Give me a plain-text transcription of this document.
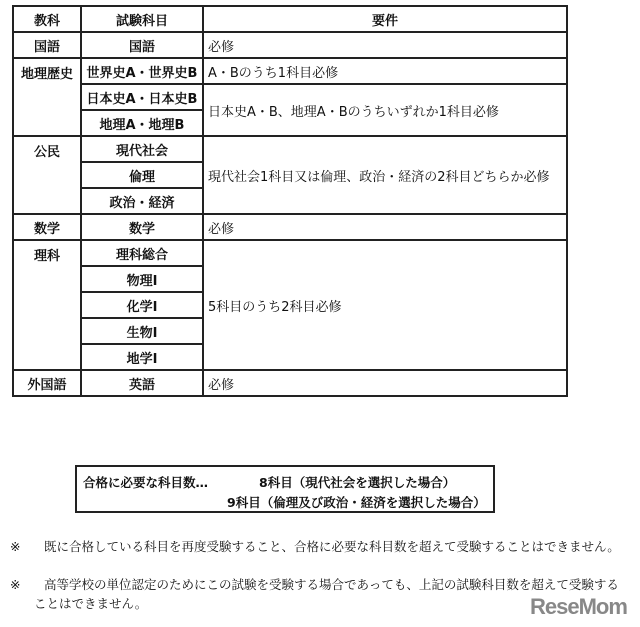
教科	試験科目	要件
国語	国語	必修
地理歴史	世界史A・世界史B	A・Bのうち1科目必修
	日本史A・日本史B	日本史A・B、地理A・Bのうちいずれか1科目必修
	地理A・地理B	
公民	現代社会	現代社会1科目又は倫理、政治・経済の2科目どちらか必修
	倫理	
	政治・経済	
数学	数学	必修
理科	理科総合	5科目のうち2科目必修
	物理Ⅰ	
	化学Ⅰ	
	生物Ⅰ	
	地学Ⅰ	
外国語	英語	必修
合格に必要な科目数…	8科目（現代社会を選択した場合）
9科目（倫理及び政治・経済を選択した場合）
※	既に合格している科目を再度受験すること、合格に必要な科目数を超えて受験することはできません。
※	高等学校の単位認定のためにこの試験を受験する場合であっても、上記の試験科目数を超えて受験することはできません。	ReseMom
